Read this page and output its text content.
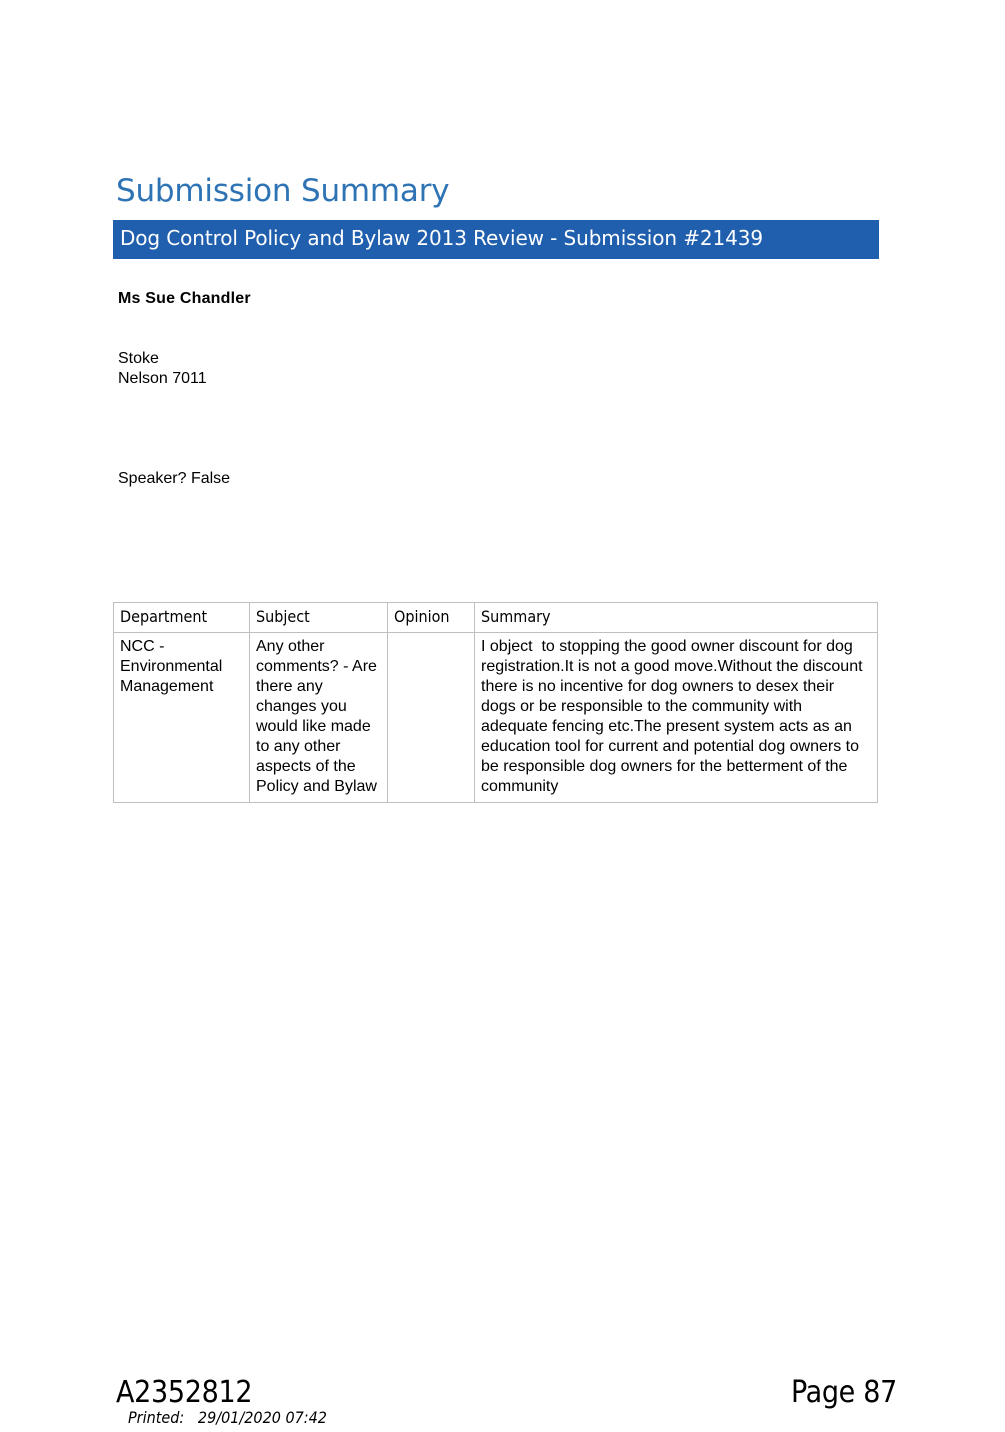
Submission Summary
Dog Control Policy and Bylaw 2013 Review - Submission #21439
Ms Sue Chandler
Stoke
Nelson 7011
Speaker? False
Department	Subject	Opinion	Summary
NCC - Environmental Management	Any other comments? - Are there any changes you would like made to any other aspects of the Policy and Bylaw		I object  to stopping the good owner discount for dog registration.It is not a good move.Without the discount there is no incentive for dog owners to desex their dogs or be responsible to the community with adequate fencing etc.The present system acts as an education tool for current and potential dog owners to be responsible dog owners for the betterment of the community
A2352812	Page 87
Printed:   29/01/2020 07:42
